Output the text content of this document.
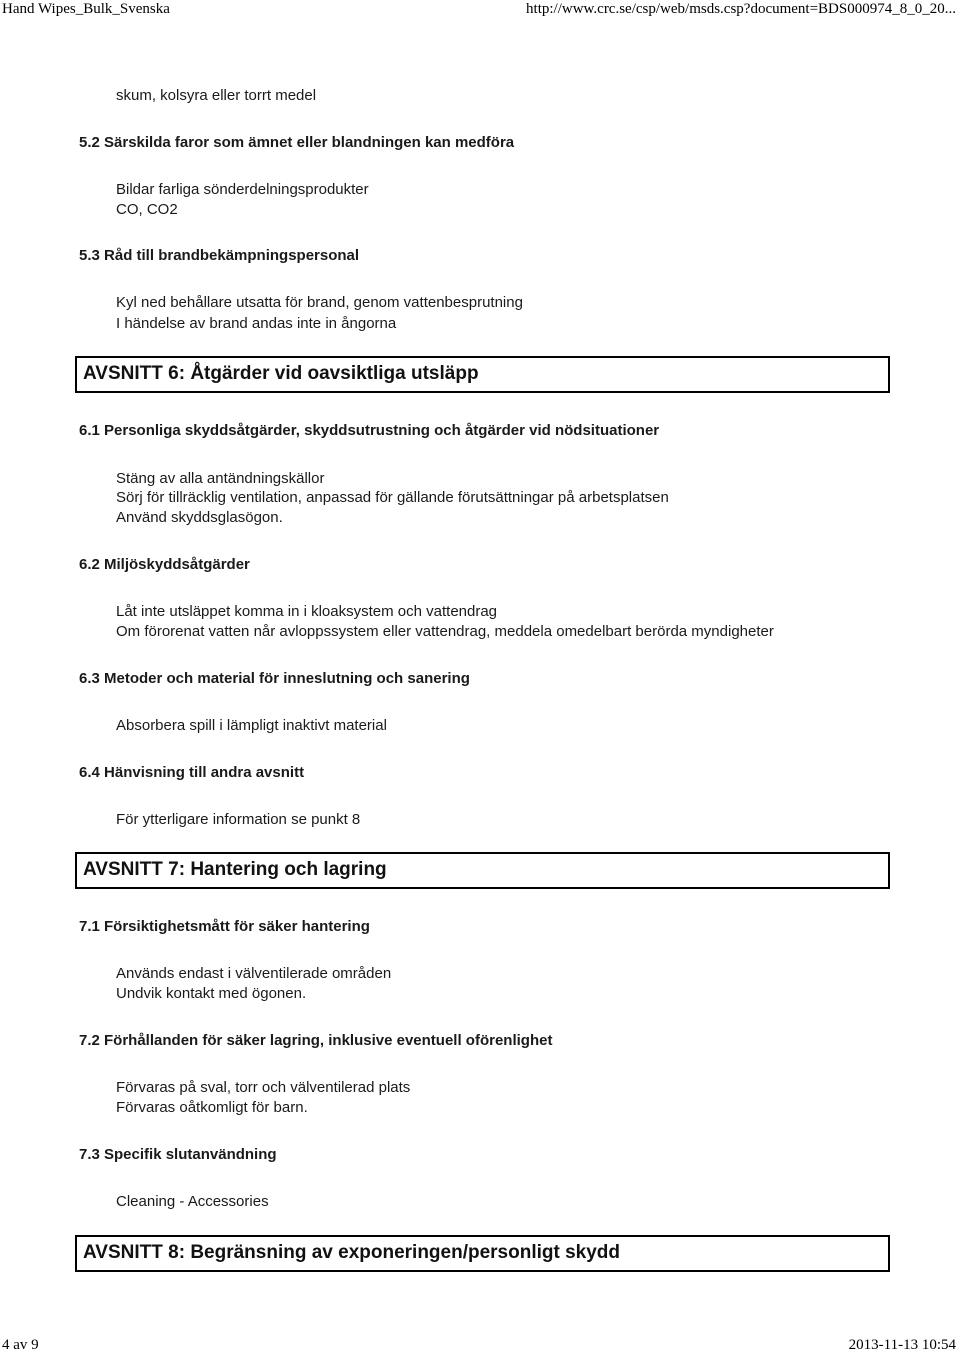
Hand Wipes_Bulk_Svenska	http://www.crc.se/csp/web/msds.csp?document=BDS000974_8_0_20...
skum, kolsyra eller torrt medel
5.2 Särskilda faror som ämnet eller blandningen kan medföra
Bildar farliga sönderdelningsprodukter
CO, CO2
5.3 Råd till brandbekämpningspersonal
Kyl ned behållare utsatta för brand, genom vattenbesprutning
I händelse av brand andas inte in ångorna
AVSNITT 6: Åtgärder vid oavsiktliga utsläpp
6.1 Personliga skyddsåtgärder, skyddsutrustning och åtgärder vid nödsituationer
Stäng av alla antändningskällor
Sörj för tillräcklig ventilation, anpassad för gällande förutsättningar på arbetsplatsen
Använd skyddsglasögon.
6.2 Miljöskyddsåtgärder
Låt inte utsläppet komma in i kloaksystem och vattendrag
Om förorenat vatten når avloppssystem eller vattendrag, meddela omedelbart berörda myndigheter
6.3 Metoder och material för inneslutning och sanering
Absorbera spill i lämpligt inaktivt material
6.4 Hänvisning till andra avsnitt
För ytterligare information se punkt 8
AVSNITT 7: Hantering och lagring
7.1 Försiktighetsmått för säker hantering
Används endast i välventilerade områden
Undvik kontakt med ögonen.
7.2 Förhållanden för säker lagring, inklusive eventuell oförenlighet
Förvaras på sval, torr och välventilerad plats
Förvaras oåtkomligt för barn.
7.3 Specifik slutanvändning
Cleaning - Accessories
AVSNITT 8: Begränsning av exponeringen/personligt skydd
4 av 9	2013-11-13 10:54
